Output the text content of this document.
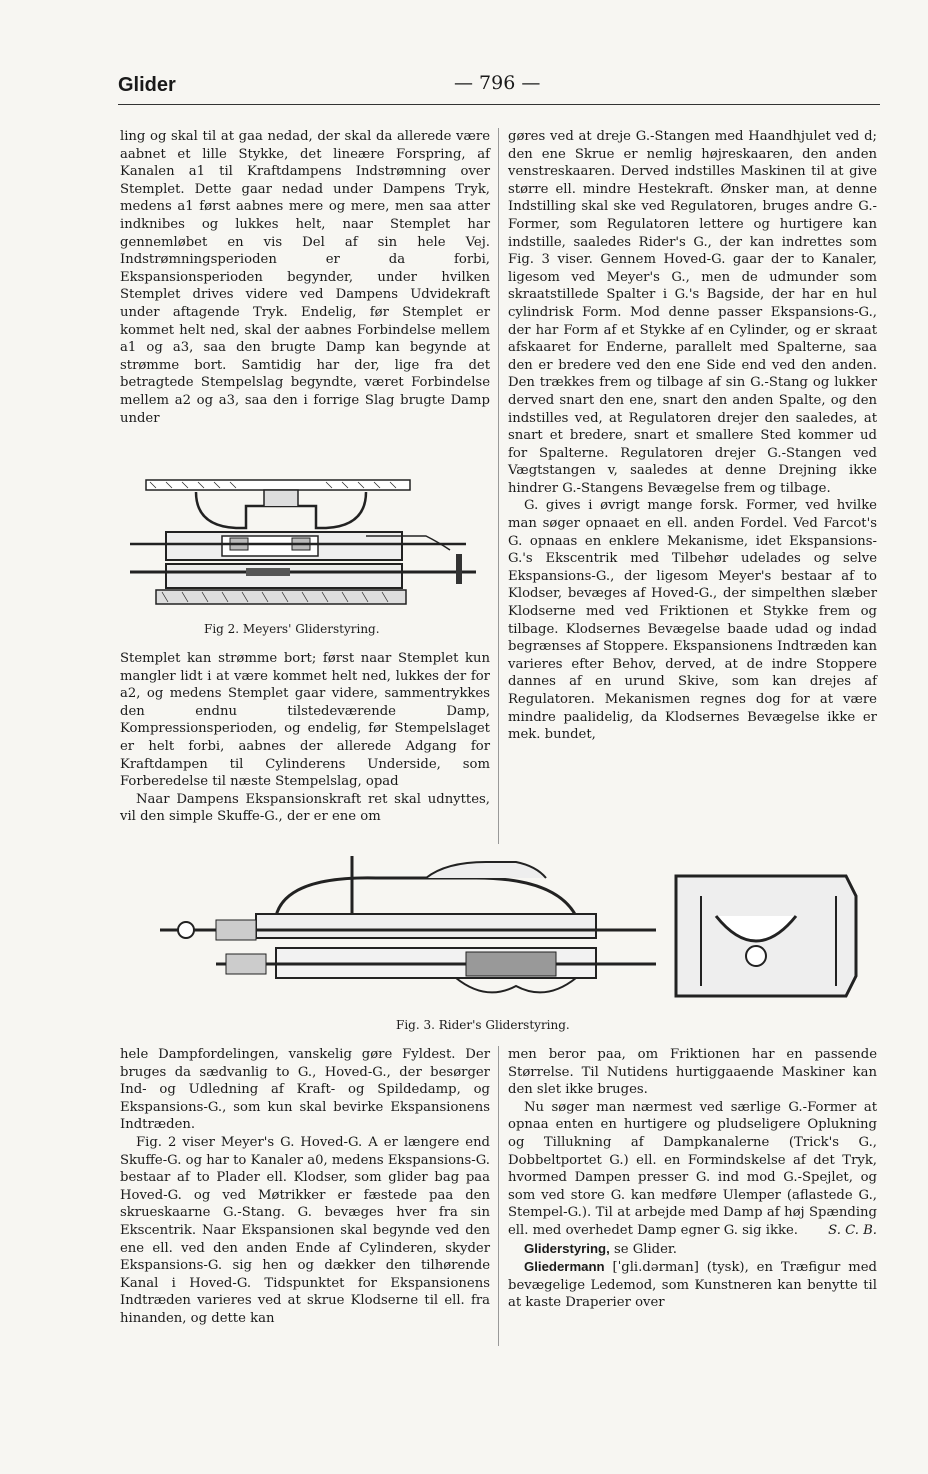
Glider	— 796 —

ling og skal til at gaa nedad, der skal da allerede være aabnet et lille Stykke, det lineære Forspring, af Kanalen a1 til Kraftdampens Indstrømning over Stemplet. Dette gaar nedad under Dampens Tryk, medens a1 først aabnes mere og mere, men saa atter indknibes og lukkes helt, naar Stemplet har gennemløbet en vis Del af sin hele Vej. Indstrømningsperioden er da forbi, Ekspansionsperioden begynder, under hvilken Stemplet drives videre ved Dampens Udvidekraft under aftagende Tryk. Endelig, før Stemplet er kommet helt ned, skal der aabnes Forbindelse mellem a1 og a3, saa den brugte Damp kan begynde at strømme bort. Samtidig har der, lige fra det betragtede Stempelslag begyndte, været Forbindelse mellem a2 og a3, saa den i forrige Slag brugte Damp under

Fig 2. Meyers' Gliderstyring.

Stemplet kan strømme bort; først naar Stemplet kun mangler lidt i at være kommet helt ned, lukkes der for a2, og medens Stemplet gaar videre, sammentrykkes den endnu tilstedeværende Damp, Kompressionsperioden, og endelig, før Stempelslaget er helt forbi, aabnes der allerede Adgang for Kraftdampen til Cylinderens Underside, som Forberedelse til næste Stempelslag, opad

Naar Dampens Ekspansionskraft ret skal udnyttes, vil den simple Skuffe-G., der er ene om

gøres ved at dreje G.-Stangen med Haandhjulet ved d; den ene Skrue er nemlig højreskaaren, den anden venstreskaaren. Derved indstilles Maskinen til at give større ell. mindre Hestekraft. Ønsker man, at denne Indstilling skal ske ved Regulatoren, bruges andre G.-Former, som Regulatoren lettere og hurtigere kan indstille, saaledes Rider's G., der kan indrettes som Fig. 3 viser. Gennem Hoved-G. gaar der to Kanaler, ligesom ved Meyer's G., men de udmunder som skraatstillede Spalter i G.'s Bagside, der har en hul cylindrisk Form. Mod denne passer Ekspansions-G., der har Form af et Stykke af en Cylinder, og er skraat afskaaret for Enderne, parallelt med Spalterne, saa den er bredere ved den ene Side end ved den anden. Den trækkes frem og tilbage af sin G.-Stang og lukker derved snart den ene, snart den anden Spalte, og den indstilles ved, at Regulatoren drejer den saaledes, at snart et bredere, snart et smallere Sted kommer ud for Spalterne. Regulatoren drejer G.-Stangen ved Vægtstangen v, saaledes at denne Drejning ikke hindrer G.-Stangens Bevægelse frem og tilbage.

G. gives i øvrigt mange forsk. Former, ved hvilke man søger opnaaet en ell. anden Fordel. Ved Farcot's G. opnaas en enklere Mekanisme, idet Ekspansions-G.'s Ekscentrik med Tilbehør udelades og selve Ekspansions-G., der ligesom Meyer's bestaar af to Klodser, bevæges af Hoved-G., der simpelthen slæber Klodserne med ved Friktionen et Stykke frem og tilbage. Klodsernes Bevægelse baade udad og indad begrænses af Stoppere. Ekspansionens Indtræden kan varieres efter Behov, derved, at de indre Stoppere dannes af en urund Skive, som kan drejes af Regulatoren. Mekanismen regnes dog for at være mindre paalidelig, da Klodsernes Bevægelse ikke er mek. bundet,

Fig. 3. Rider's Gliderstyring.

hele Dampfordelingen, vanskelig gøre Fyldest. Der bruges da sædvanlig to G., Hoved-G., der besørger Ind- og Udledning af Kraft- og Spildedamp, og Ekspansions-G., som kun skal bevirke Ekspansionens Indtræden.

Fig. 2 viser Meyer's G. Hoved-G. A er længere end Skuffe-G. og har to Kanaler a0, medens Ekspansions-G. bestaar af to Plader ell. Klodser, som glider bag paa Hoved-G. og ved Møtrikker er fæstede paa den skrueskaarne G.-Stang. G. bevæges hver fra sin Ekscentrik. Naar Ekspansionen skal begynde ved den ene ell. ved den anden Ende af Cylinderen, skyder Ekspansions-G. sig hen og dækker den tilhørende Kanal i Hoved-G. Tidspunktet for Ekspansionens Indtræden varieres ved at skrue Klodserne til ell. fra hinanden, og dette kan

men beror paa, om Friktionen har en passende Størrelse. Til Nutidens hurtiggaaende Maskiner kan den slet ikke bruges.

Nu søger man nærmest ved særlige G.-Former at opnaa enten en hurtigere og pludseligere Oplukning og Tillukning af Dampkanalerne (Trick's G., Dobbeltportet G.) ell. en Formindskelse af det Tryk, hvormed Dampen presser G. ind mod G.-Spejlet, og som ved store G. kan medføre Ulemper (aflastede G., Stempel-G.). Til at arbejde med Damp af høj Spænding ell. med overhedet Damp egner G. sig ikke.	S. C. B.

Gliderstyring, se Glider.

Gliedermann [ˈgli.dərman] (tysk), en Træfigur med bevægelige Ledemod, som Kunstneren kan benytte til at kaste Draperier over
